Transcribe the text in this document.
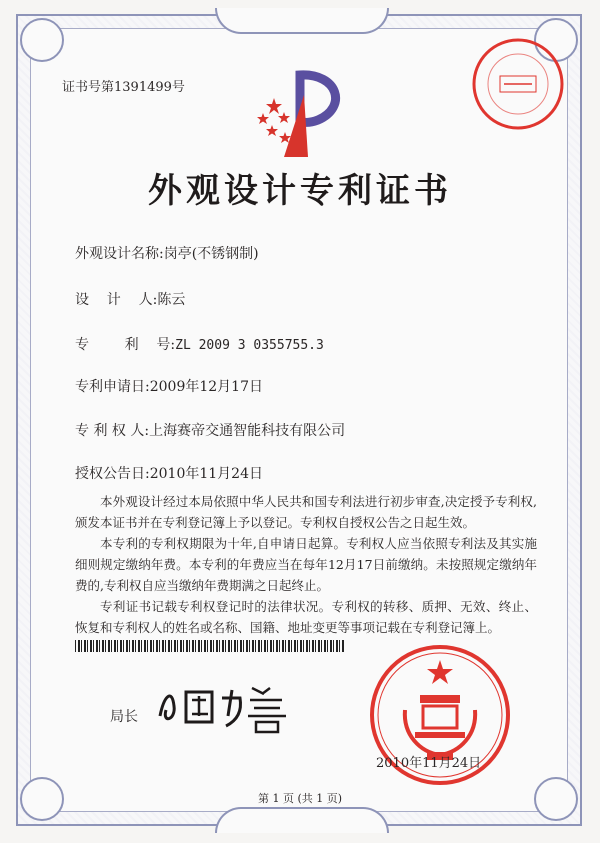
证书号第1391499号
外观设计专利证书
外观设计名称:岗亭(不锈钢制)
设    计    人:陈云
专        利    号:ZL 2009 3 0355755.3
专利申请日:2009年12月17日
专 利 权 人:上海赛帝交通智能科技有限公司
授权公告日:2010年11月24日

本外观设计经过本局依照中华人民共和国专利法进行初步审查,决定授予专利权,颁发本证书并在专利登记簿上予以登记。专利权自授权公告之日起生效。

本专利的专利权期限为十年,自申请日起算。专利权人应当依照专利法及其实施细则规定缴纳年费。本专利的年费应当在每年12月17日前缴纳。未按照规定缴纳年费的,专利权自应当缴纳年费期满之日起终止。

专利证书记载专利权登记时的法律状况。专利权的转移、质押、无效、终止、恢复和专利权人的姓名或名称、国籍、地址变更等事项记载在专利登记簿上。

局长
2010年11月24日
第 1 页 (共 1 页)
